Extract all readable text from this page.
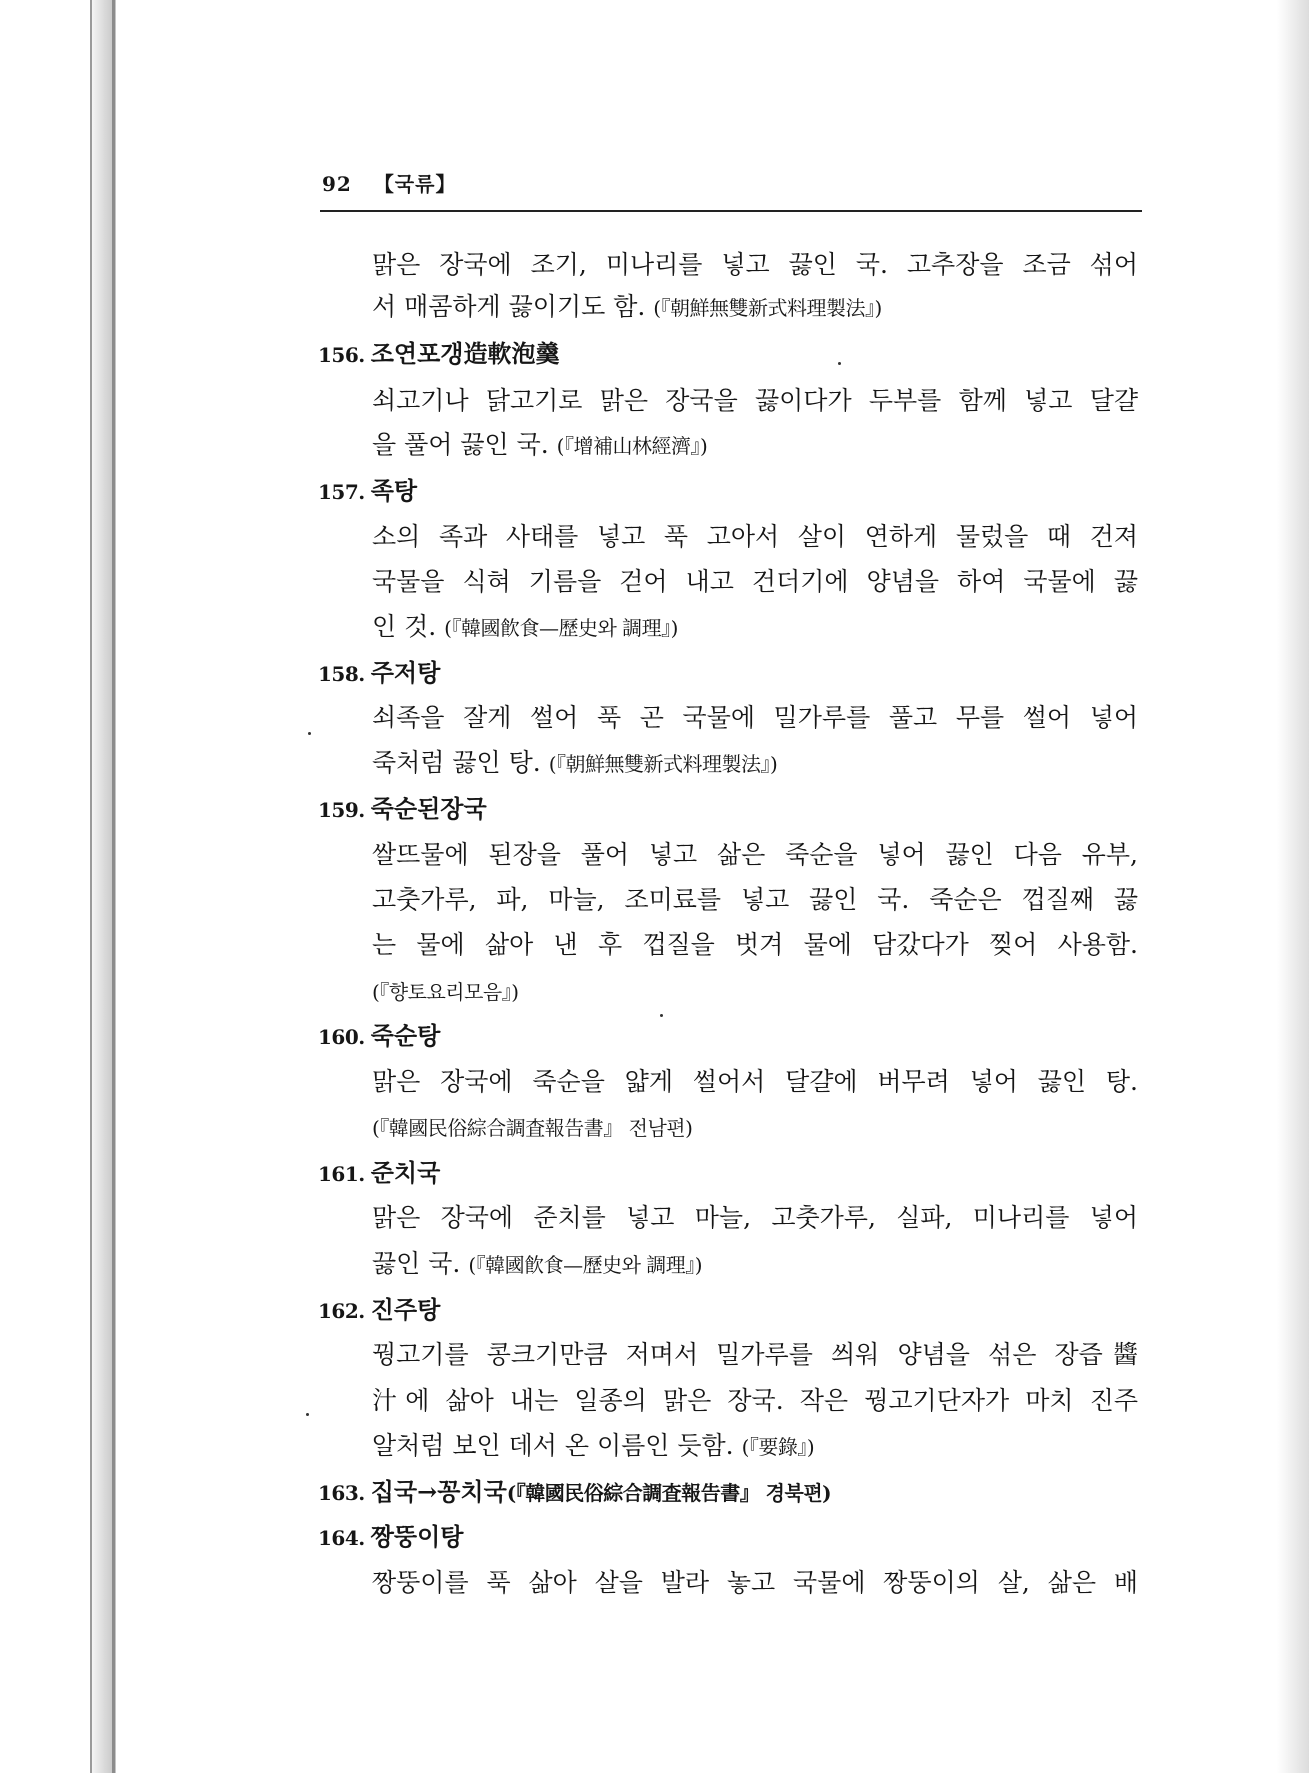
92 【국류】
맑은 장국에 조기, 미나리를 넣고 끓인 국. 고추장을 조금 섞어
서 매콤하게 끓이기도 함. (『朝鮮無雙新式料理製法』)
156. 조연포갱造軟泡羹
쇠고기나 닭고기로 맑은 장국을 끓이다가 두부를 함께 넣고 달걀
을 풀어 끓인 국. (『增補山林經濟』)
157. 족탕
소의 족과 사태를 넣고 푹 고아서 살이 연하게 물렀을 때 건져
국물을 식혀 기름을 걷어 내고 건더기에 양념을 하여 국물에 끓
인 것. (『韓國飮食—歷史와 調理』)
158. 주저탕
쇠족을 잘게 썰어 푹 곤 국물에 밀가루를 풀고 무를 썰어 넣어
죽처럼 끓인 탕. (『朝鮮無雙新式料理製法』)
159. 죽순된장국
쌀뜨물에 된장을 풀어 넣고 삶은 죽순을 넣어 끓인 다음 유부,
고춧가루, 파, 마늘, 조미료를 넣고 끓인 국. 죽순은 껍질째 끓
는 물에 삶아 낸 후 껍질을 벗겨 물에 담갔다가 찢어 사용함.
(『향토요리모음』)
160. 죽순탕
맑은 장국에 죽순을 얇게 썰어서 달걀에 버무려 넣어 끓인 탕.
(『韓國民俗綜合調査報告書』 전남편)
161. 준치국
맑은 장국에 준치를 넣고 마늘, 고춧가루, 실파, 미나리를 넣어
끓인 국. (『韓國飮食—歷史와 調理』)
162. 진주탕
꿩고기를 콩크기만큼 저며서 밀가루를 씌워 양념을 섞은 장즙醬
汁에 삶아 내는 일종의 맑은 장국. 작은 꿩고기단자가 마치 진주
알처럼 보인 데서 온 이름인 듯함. (『要錄』)
163. 집국→꽁치국(『韓國民俗綜合調査報告書』 경북편)
164. 짱뚱이탕
짱뚱이를 푹 삶아 살을 발라 놓고 국물에 짱뚱이의 살, 삶은 배
